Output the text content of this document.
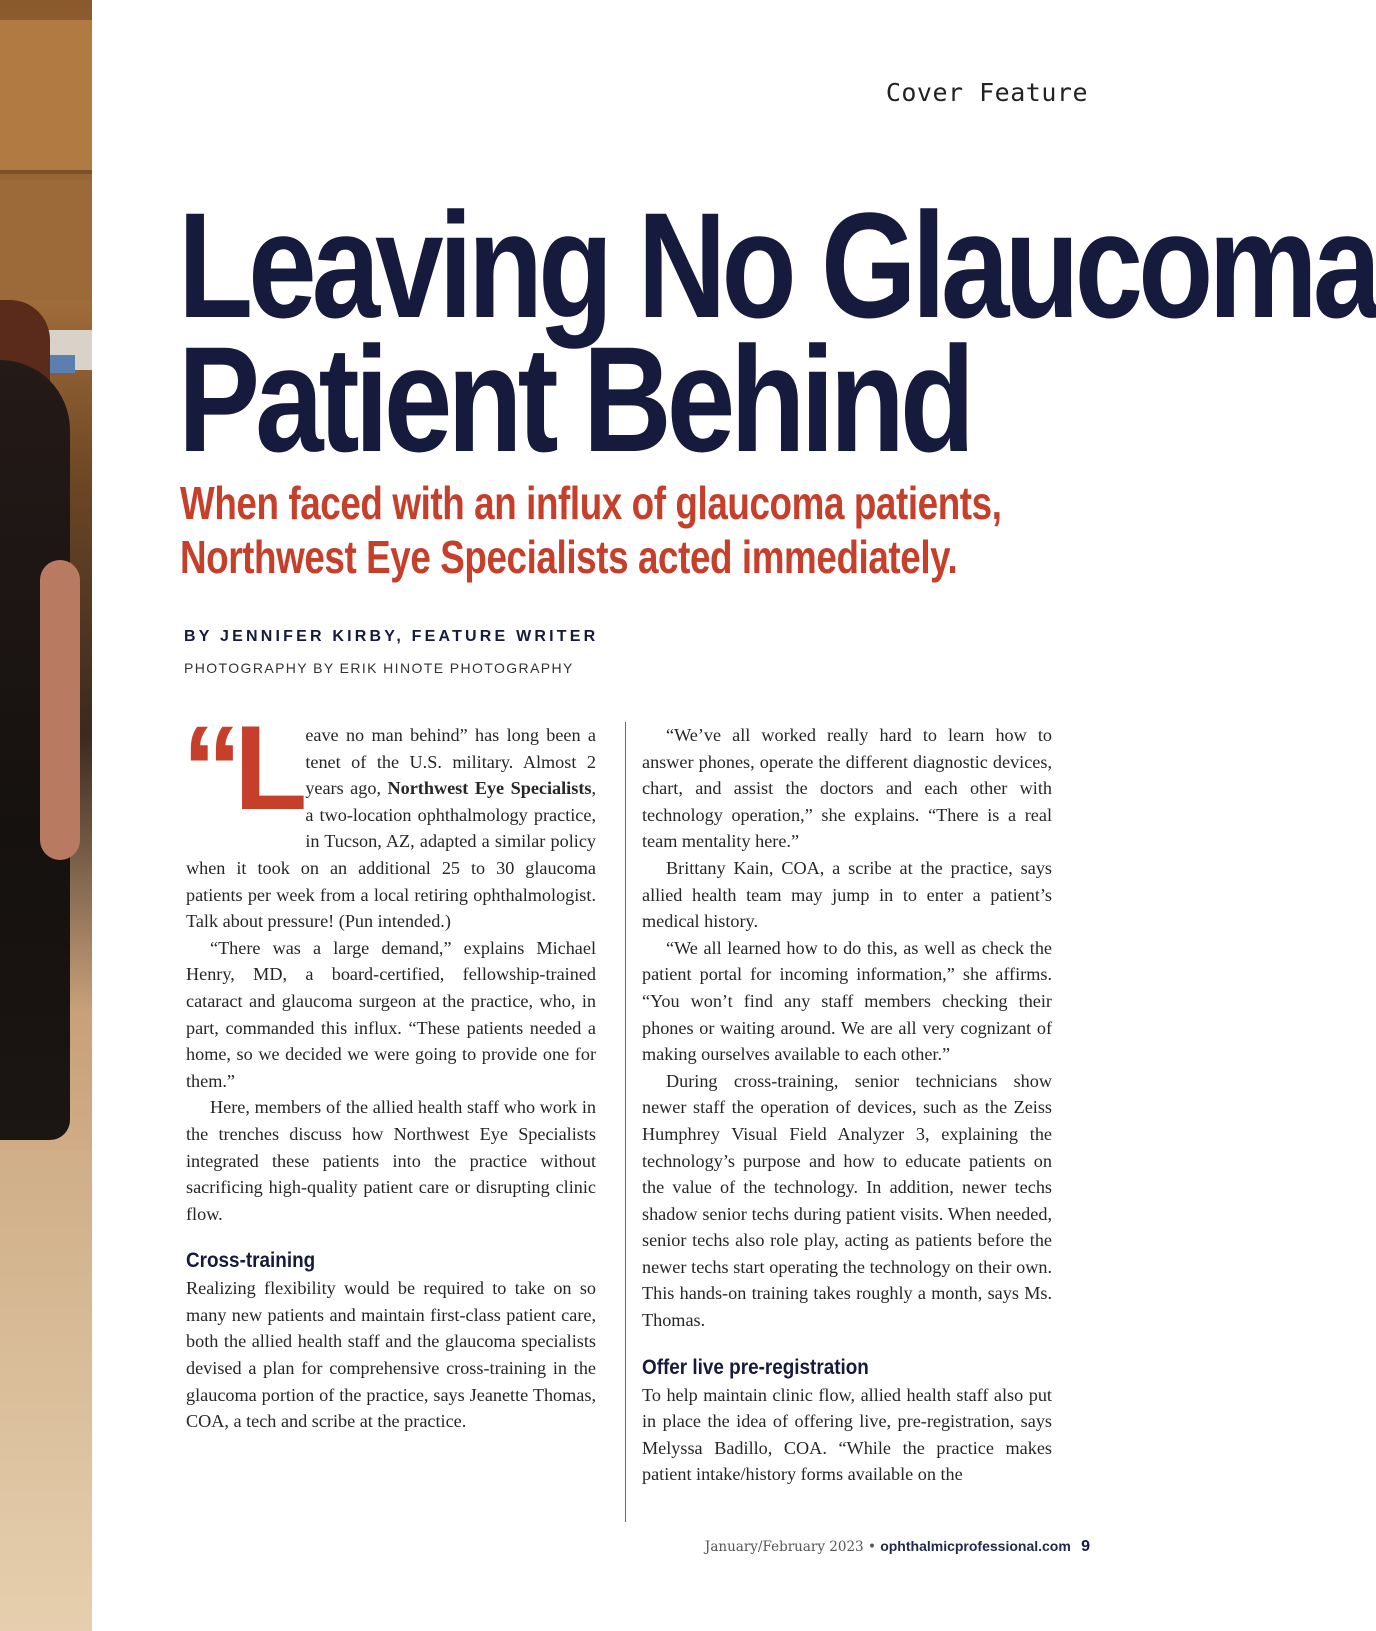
Cover Feature
Leaving No Glaucoma
Patient Behind
When faced with an influx of glaucoma patients,
Northwest Eye Specialists acted immediately.
BY JENNIFER KIRBY, FEATURE WRITER
PHOTOGRAPHY BY ERIK HINOTE PHOTOGRAPHY

“Leave no man behind” has long been a tenet of the U.S. military. Almost 2 years ago, Northwest Eye Specialists, a two-location ophthalmology practice, in Tucson, AZ, adapted a similar policy when it took on an additional 25 to 30 glaucoma patients per week from a local retiring ophthalmologist. Talk about pressure! (Pun intended.)

“There was a large demand,” explains Michael Henry, MD, a board-certified, fellowship-trained cataract and glaucoma surgeon at the practice, who, in part, commanded this influx. “These patients needed a home, so we decided we were going to provide one for them.”

Here, members of the allied health staff who work in the trenches discuss how Northwest Eye Specialists integrated these patients into the practice without sacrificing high-quality patient care or disrupting clinic flow.

Cross-training

Realizing flexibility would be required to take on so many new patients and maintain first-class patient care, both the allied health staff and the glaucoma specialists devised a plan for comprehensive cross-training in the glaucoma portion of the practice, says Jeanette Thomas, COA, a tech and scribe at the practice.

“We’ve all worked really hard to learn how to answer phones, operate the different diagnostic devices, chart, and assist the doctors and each other with technology operation,” she explains. “There is a real team mentality here.”

Brittany Kain, COA, a scribe at the practice, says allied health team may jump in to enter a patient’s medical history.

“We all learned how to do this, as well as check the patient portal for incoming information,” she affirms. “You won’t find any staff members checking their phones or waiting around. We are all very cognizant of making ourselves available to each other.”

During cross-training, senior technicians show newer staff the operation of devices, such as the Zeiss Humphrey Visual Field Analyzer 3, explaining the technology’s purpose and how to educate patients on the value of the technology. In addition, newer techs shadow senior techs during patient visits. When needed, senior techs also role play, acting as patients before the newer techs start operating the technology on their own. This hands-on training takes roughly a month, says Ms. Thomas.

Offer live pre-registration

To help maintain clinic flow, allied health staff also put in place the idea of offering live, pre-registration, says Melyssa Badillo, COA. “While the practice makes patient intake/history forms available on the

January/February 2023 • ophthalmicprofessional.com 9
